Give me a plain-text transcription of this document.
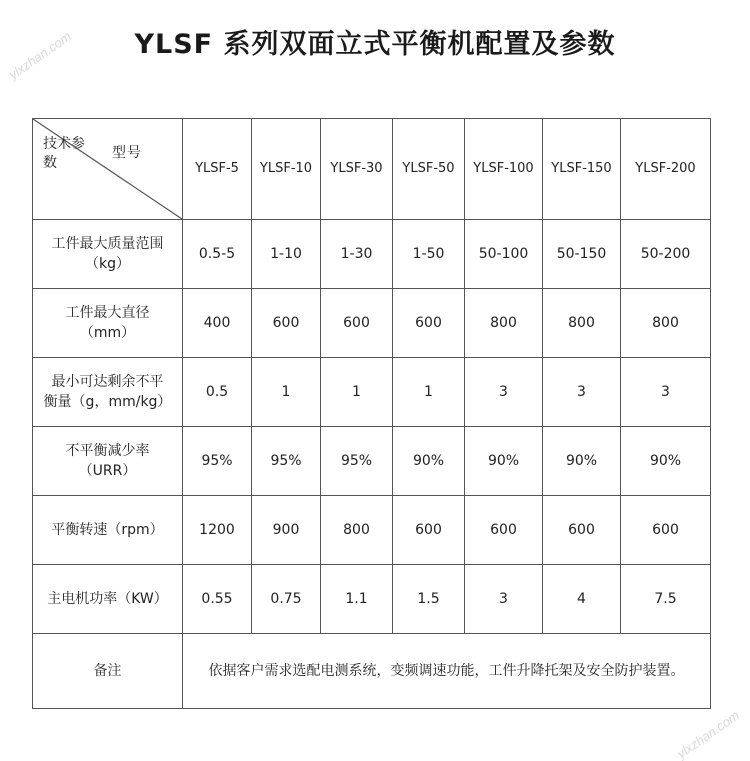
ylxzhan.com
ylxzhan.com
YLSF 系列双面立式平衡机配置及参数
型号
技术参数	YLSF-5	YLSF-10	YLSF-30	YLSF-50	YLSF-100	YLSF-150	YLSF-200

工件最大质量范围
（kg）	0.5-5	1-10	1-30	1-50	50-100	50-150	50-200

工件最大直径
（mm）	400	600	600	600	800	800	800

最小可达剩余不平
衡量（g，mm/kg）	0.5	1	1	1	3	3	3

不平衡减少率
（URR）	95%	95%	95%	90%	90%	90%	90%

平衡转速（rpm）	1200	900	800	600	600	600	600

主电机功率（KW）	0.55	0.75	1.1	1.5	3	4	7.5
备注	依据客户需求选配电测系统，变频调速功能，工件升降托架及安全防护装置。						
